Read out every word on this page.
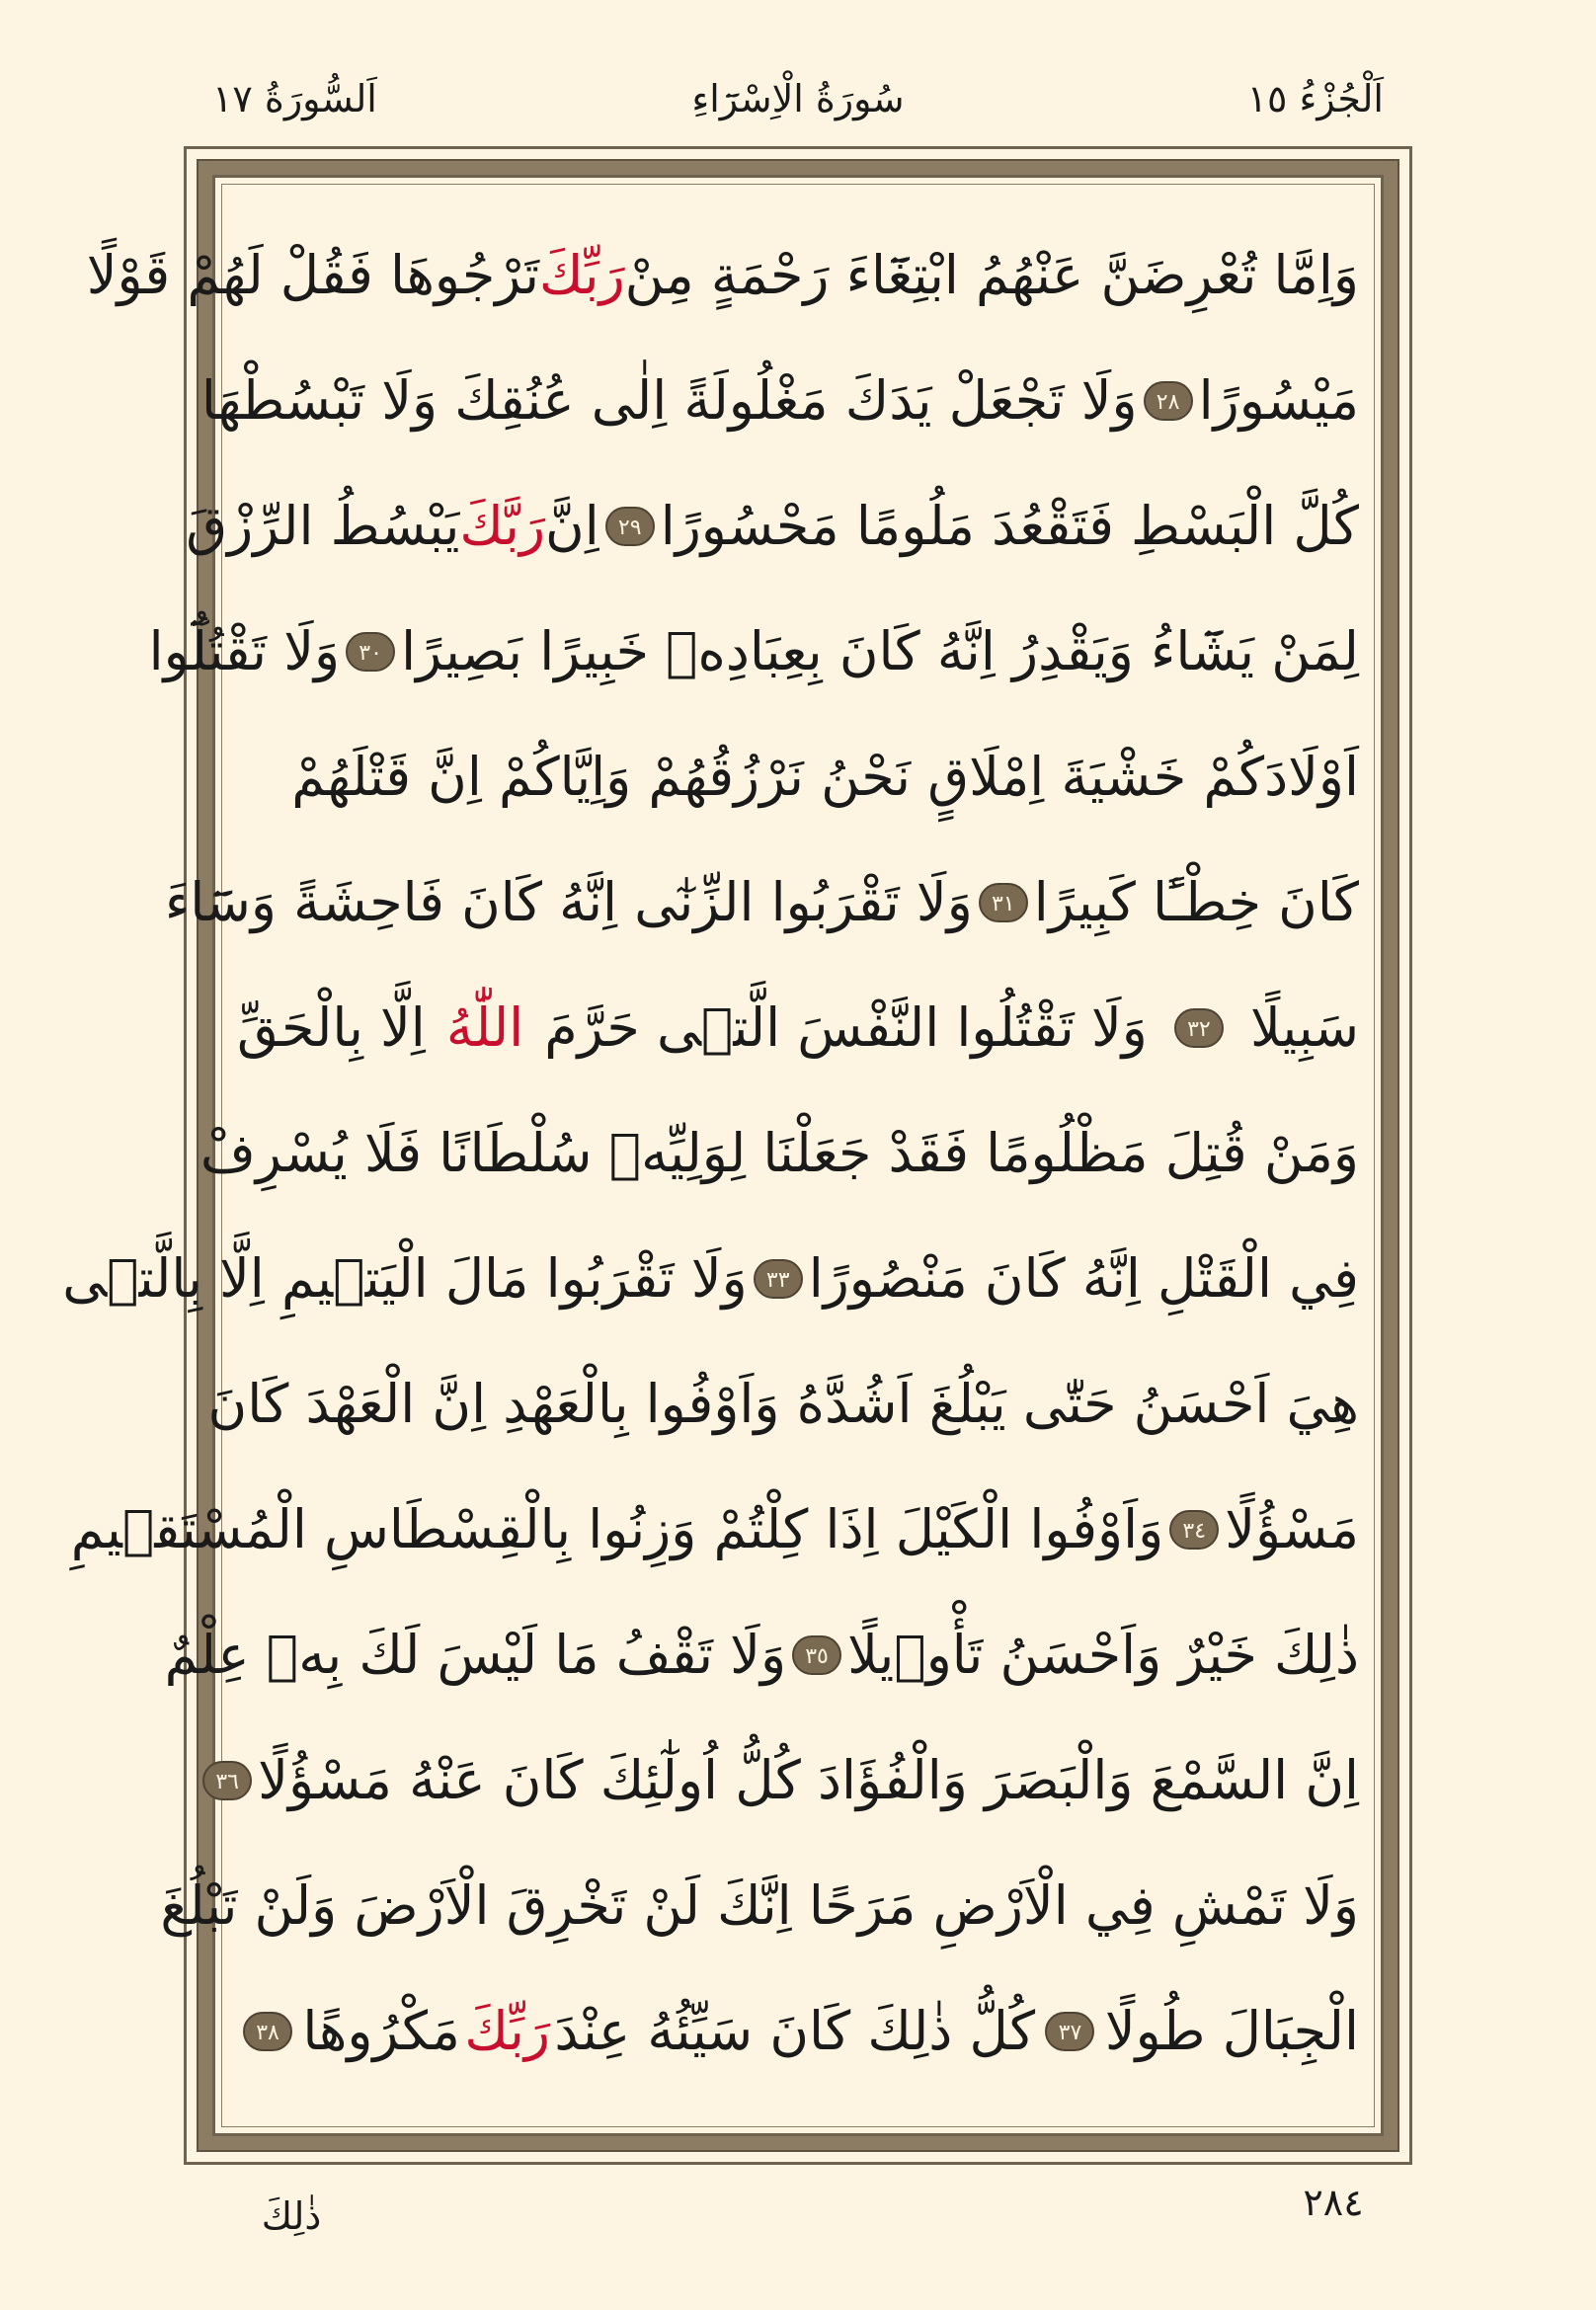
اَلْجُزْءُ ١٥
سُورَةُ الْاِسْرَٓاءِ
اَلسُّورَةُ ١٧
وَاِمَّا تُعْرِضَنَّ عَنْهُمُ ابْتِغَٓاءَ رَحْمَةٍ مِنْ
رَبِّكَ
تَرْجُوهَا فَقُلْ لَهُمْ قَوْلًا
مَيْسُورًا
٢٨
وَلَا تَجْعَلْ يَدَكَ مَغْلُولَةً اِلٰى عُنُقِكَ وَلَا تَبْسُطْهَا
كُلَّ الْبَسْطِ فَتَقْعُدَ مَلُومًا مَحْسُورًا
٢٩
اِنَّ
رَبَّكَ
يَبْسُطُ الرِّزْقَ
لِمَنْ يَشَٓاءُ وَيَقْدِرُ اِنَّهُ كَانَ بِعِبَادِهٖ خَبِيرًا بَصِيرًا
٣٠
وَلَا تَقْتُلُٓوا
اَوْلَادَكُمْ خَشْيَةَ اِمْلَاقٍ نَحْنُ نَرْزُقُهُمْ وَاِيَّاكُمْ اِنَّ قَتْلَهُمْ
كَانَ خِطْـًٔا كَبِيرًا
٣١
وَلَا تَقْرَبُوا الزِّنٰٓى اِنَّهُ كَانَ فَاحِشَةً وَسَٓاءَ
سَبِيلًا
٣٢
وَلَا تَقْتُلُوا النَّفْسَ الَّتٖى حَرَّمَ
اللّٰهُ
اِلَّا بِالْحَقِّ
وَمَنْ قُتِلَ مَظْلُومًا فَقَدْ جَعَلْنَا لِوَلِيِّهٖ سُلْطَانًا فَلَا يُسْرِفْ
فِي الْقَتْلِ اِنَّهُ كَانَ مَنْصُورًا
٣٣
وَلَا تَقْرَبُوا مَالَ الْيَتٖيمِ اِلَّا بِالَّتٖى
هِيَ اَحْسَنُ حَتّٰى يَبْلُغَ اَشُدَّهُ وَاَوْفُوا بِالْعَهْدِ اِنَّ الْعَهْدَ كَانَ
مَسْؤُلًا
٣٤
وَاَوْفُوا الْكَيْلَ اِذَا كِلْتُمْ وَزِنُوا بِالْقِسْطَاسِ الْمُسْتَقٖيمِ
ذٰلِكَ خَيْرٌ وَاَحْسَنُ تَأْوٖيلًا
٣٥
وَلَا تَقْفُ مَا لَيْسَ لَكَ بِهٖ عِلْمٌ
اِنَّ السَّمْعَ وَالْبَصَرَ وَالْفُؤَادَ كُلُّ اُولٰٓئِكَ كَانَ عَنْهُ مَسْؤُلًا
٣٦
وَلَا تَمْشِ فِي الْاَرْضِ مَرَحًا اِنَّكَ لَنْ تَخْرِقَ الْاَرْضَ وَلَنْ تَبْلُغَ
الْجِبَالَ طُولًا
٣٧
كُلُّ ذٰلِكَ كَانَ سَيِّئُهُ عِنْدَ
رَبِّكَ
مَكْرُوهًا
٣٨
٢٨٤
ذٰلِكَ
